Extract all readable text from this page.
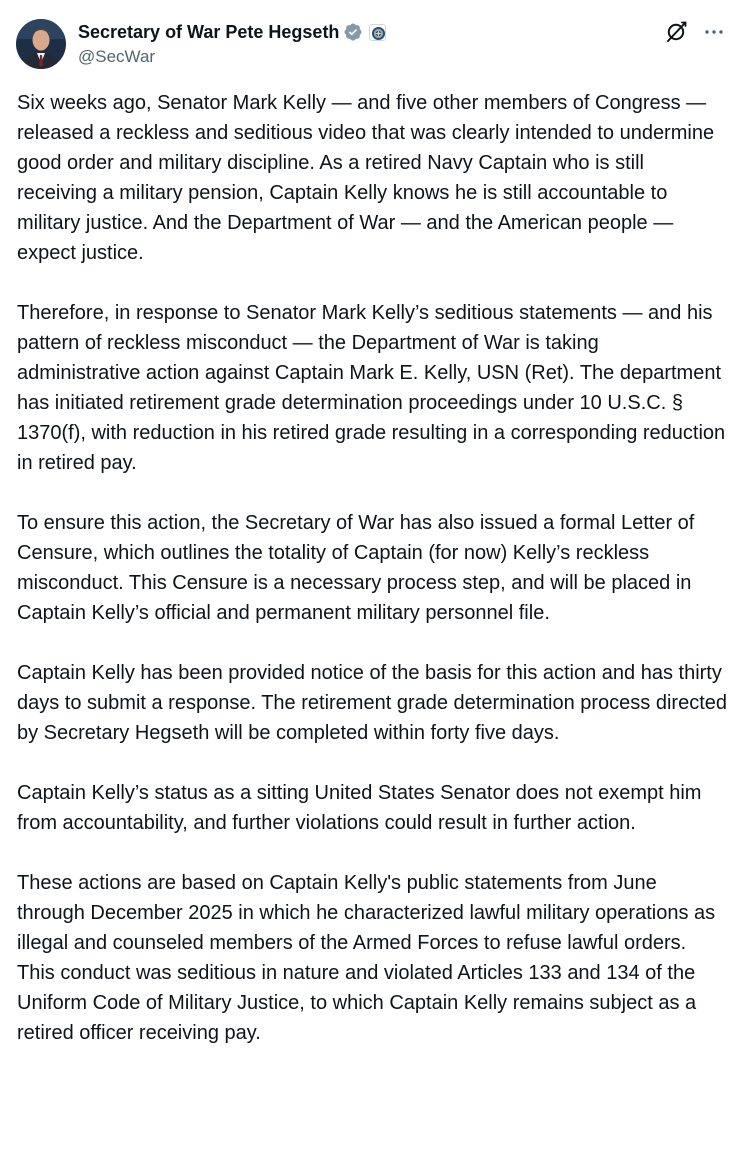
Secretary of War Pete Hegseth
@SecWar

Six weeks ago, Senator Mark Kelly — and five other members of Congress — released a reckless and seditious video that was clearly intended to undermine good order and military discipline. As a retired Navy Captain who is still receiving a military pension, Captain Kelly knows he is still accountable to military justice. And the Department of War — and the American people — expect justice.

Therefore, in response to Senator Mark Kelly’s seditious statements — and his pattern of reckless misconduct — the Department of War is taking administrative action against Captain Mark E. Kelly, USN (Ret). The department has initiated retirement grade determination proceedings under 10 U.S.C. § 1370(f), with reduction in his retired grade resulting in a corresponding reduction in retired pay.

To ensure this action, the Secretary of War has also issued a formal Letter of Censure, which outlines the totality of Captain (for now) Kelly’s reckless misconduct. This Censure is a necessary process step, and will be placed in Captain Kelly’s official and permanent military personnel file.

Captain Kelly has been provided notice of the basis for this action and has thirty days to submit a response. The retirement grade determination process directed by Secretary Hegseth will be completed within forty five days.

Captain Kelly’s status as a sitting United States Senator does not exempt him from accountability, and further violations could result in further action.

These actions are based on Captain Kelly's public statements from June through December 2025 in which he characterized lawful military operations as illegal and counseled members of the Armed Forces to refuse lawful orders. This conduct was seditious in nature and violated Articles 133 and 134 of the Uniform Code of Military Justice, to which Captain Kelly remains subject as a retired officer receiving pay.
